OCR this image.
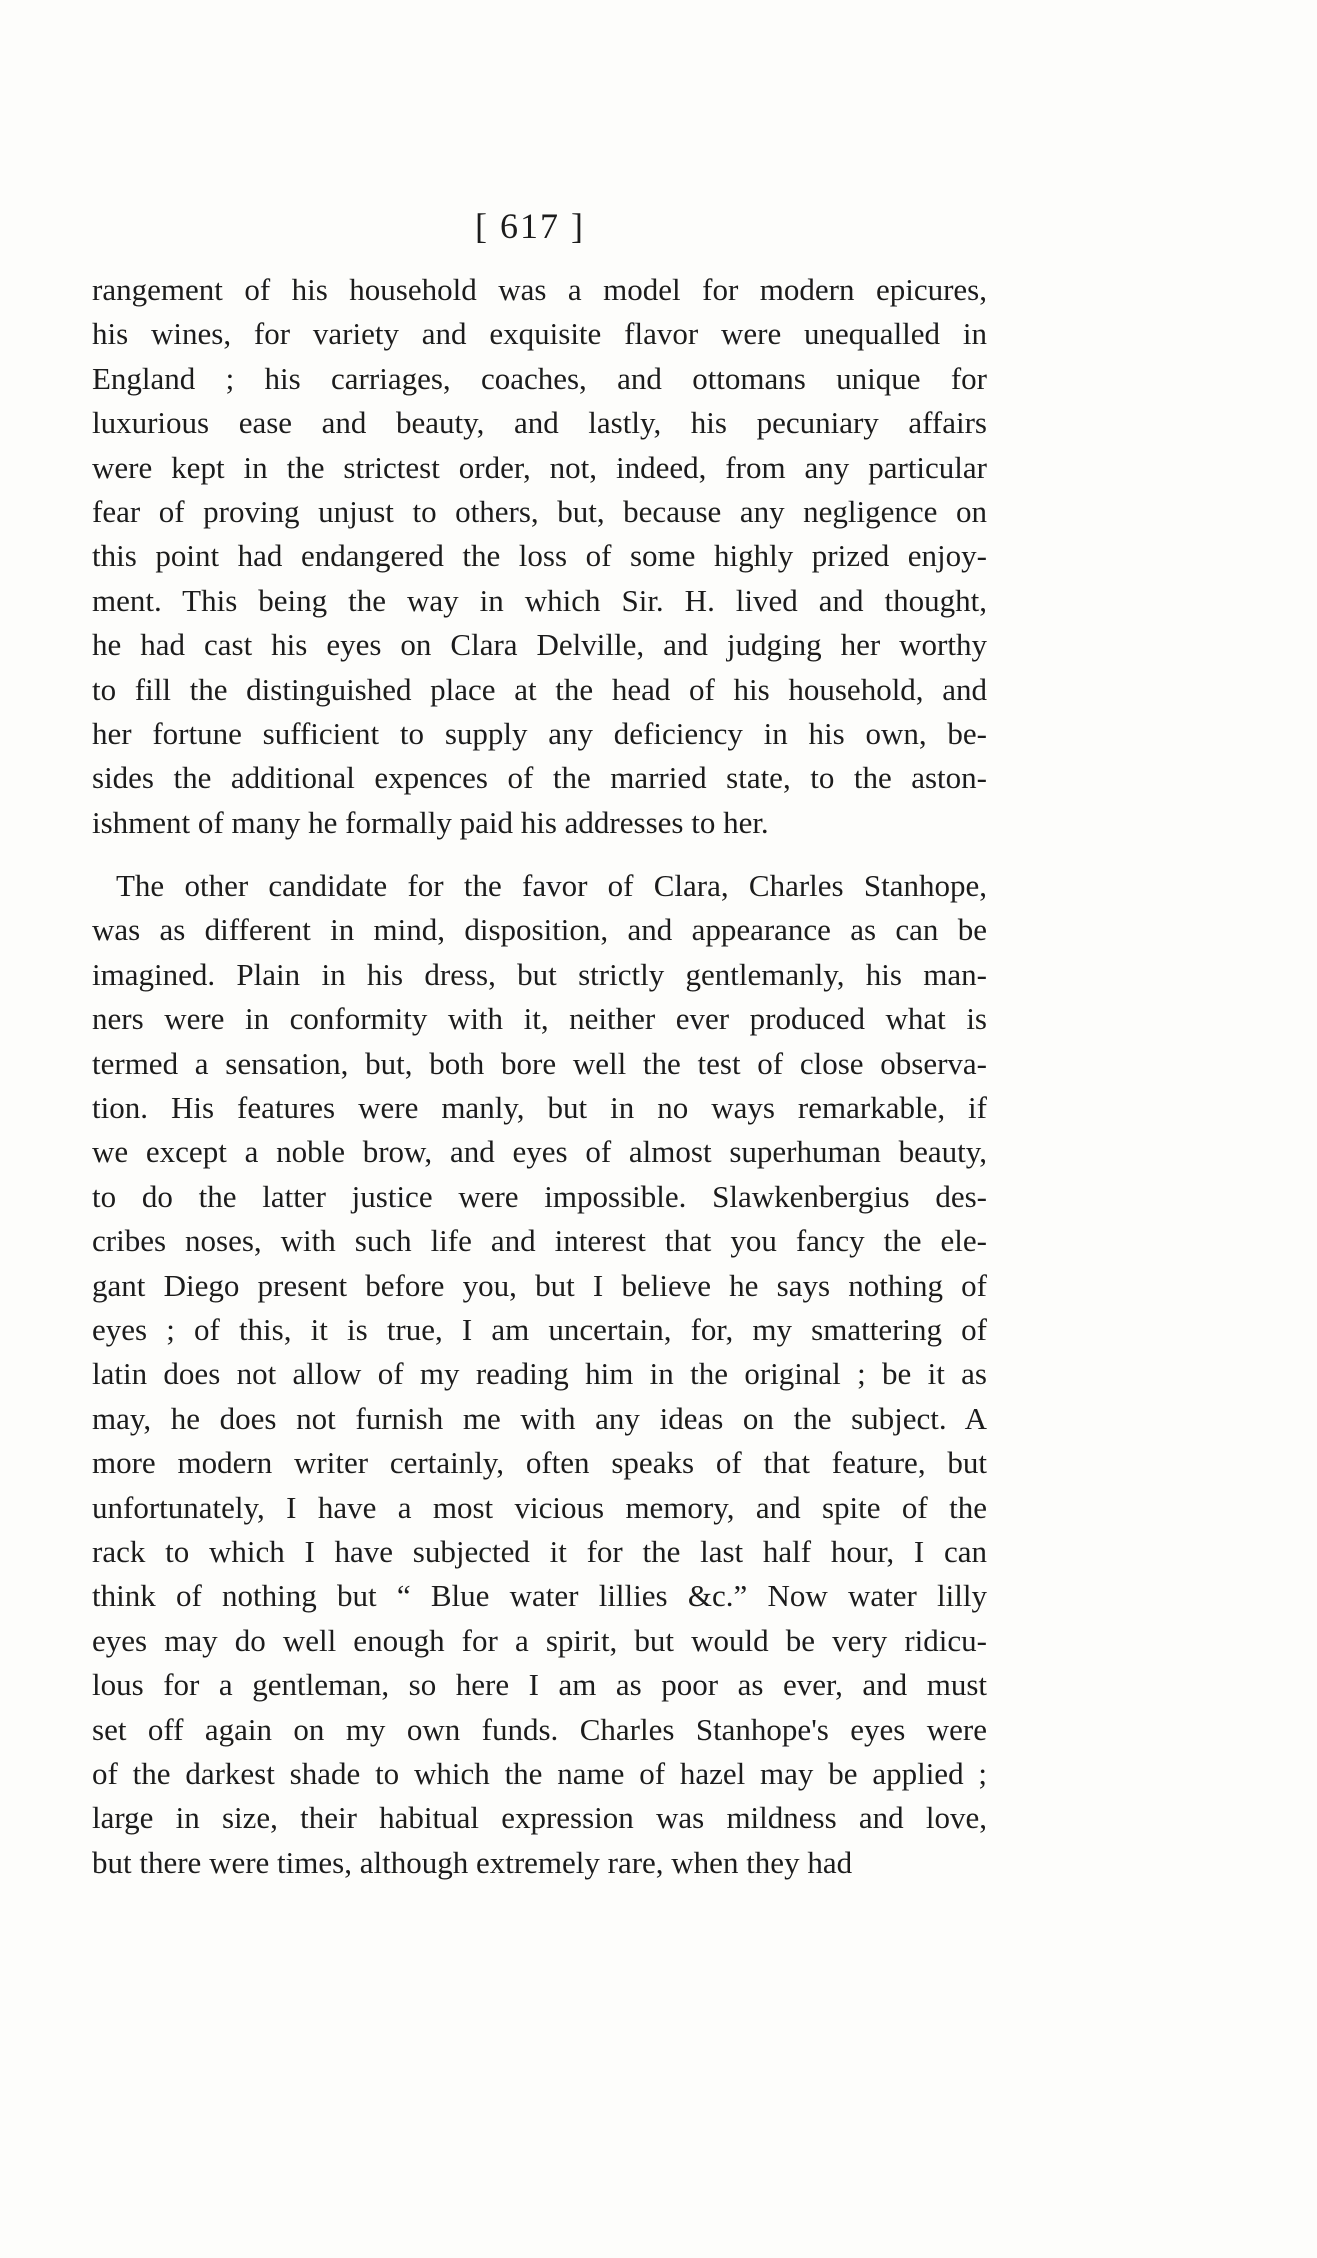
[ 617 ]

rangement of his household was a model for modern epicures,
his wines, for variety and exquisite flavor were unequalled in
England ; his carriages, coaches, and ottomans unique for
luxurious ease and beauty, and lastly, his pecuniary affairs
were kept in the strictest order, not, indeed, from any particular
fear of proving unjust to others, but, because any negligence on
this point had endangered the loss of some highly prized enjoy-
ment. This being the way in which Sir. H. lived and thought,
he had cast his eyes on Clara Delville, and judging her worthy
to fill the distinguished place at the head of his household, and
her fortune sufficient to supply any deficiency in his own, be-
sides the additional expences of the married state, to the aston-
ishment of many he formally paid his addresses to her.

The other candidate for the favor of Clara, Charles Stanhope,
was as different in mind, disposition, and appearance as can be
imagined. Plain in his dress, but strictly gentlemanly, his man-
ners were in conformity with it, neither ever produced what is
termed a sensation, but, both bore well the test of close observa-
tion. His features were manly, but in no ways remarkable, if
we except a noble brow, and eyes of almost superhuman beauty,
to do the latter justice were impossible. Slawkenbergius des-
cribes noses, with such life and interest that you fancy the ele-
gant Diego present before you, but I believe he says nothing of
eyes ; of this, it is true, I am uncertain, for, my smattering of
latin does not allow of my reading him in the original ; be it as
may, he does not furnish me with any ideas on the subject. A
more modern writer certainly, often speaks of that feature, but
unfortunately, I have a most vicious memory, and spite of the
rack to which I have subjected it for the last half hour, I can
think of nothing but “ Blue water lillies &c.” Now water lilly
eyes may do well enough for a spirit, but would be very ridicu-
lous for a gentleman, so here I am as poor as ever, and must
set off again on my own funds. Charles Stanhope's eyes were
of the darkest shade to which the name of hazel may be applied ;
large in size, their habitual expression was mildness and love,
but there were times, although extremely rare, when they had
